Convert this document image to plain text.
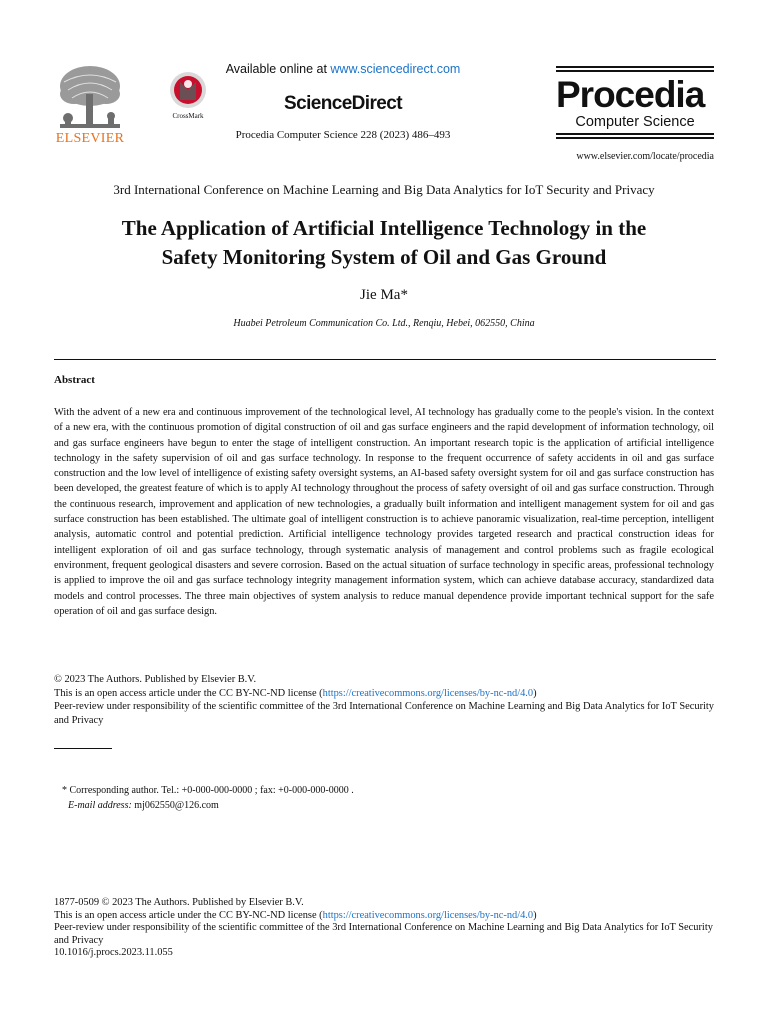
ELSEVIER
CrossMark
Available online at www.sciencedirect.com
ScienceDirect
Procedia Computer Science 228 (2023) 486–493
Procedia
Computer Science
www.elsevier.com/locate/procedia
3rd International Conference on Machine Learning and Big Data Analytics for IoT Security and Privacy
The Application of Artificial Intelligence Technology in the
Safety Monitoring System of Oil and Gas Ground
Jie Ma*
Huabei Petroleum Communication Co. Ltd., Renqiu, Hebei, 062550, China
Abstract
With the advent of a new era and continuous improvement of the technological level, AI technology has gradually come to the people's vision. In the context of a new era, with the continuous promotion of digital construction of oil and gas surface engineers and the rapid development of information technology, oil and gas surface engineers have begun to enter the stage of intelligent construction. An important research topic is the application of artificial intelligence technology in the safety supervision of oil and gas surface technology. In response to the frequent occurrence of safety accidents in oil and gas surface construction and the low level of intelligence of existing safety oversight systems, an AI-based safety oversight system for oil and gas surface construction has been developed, the greatest feature of which is to apply AI technology throughout the process of safety oversight of oil and gas surface construction. Through the continuous research, improvement and application of new technologies, a gradually built information and intelligent management system for oil and gas surface construction has been established. The ultimate goal of intelligent construction is to achieve panoramic visualization, real-time perception, intelligent analysis, automatic control and potential prediction. Artificial intelligence technology provides targeted research and practical construction ideas for intelligent exploration of oil and gas surface technology, through systematic analysis of management and control problems such as fragile ecological environment, frequent geological disasters and severe corrosion. Based on the actual situation of surface technology in specific areas, professional technology is applied to improve the oil and gas surface technology integrity management information system, which can achieve database accuracy, standardized data models and control processes. The three main objectives of system analysis to reduce manual dependence provide important technical support for the safe operation of oil and gas surface design.
© 2023 The Authors. Published by Elsevier B.V.
This is an open access article under the CC BY-NC-ND license (https://creativecommons.org/licenses/by-nc-nd/4.0)
Peer-review under responsibility of the scientific committee of the 3rd International Conference on Machine Learning and Big Data Analytics for IoT Security and Privacy
* Corresponding author. Tel.: +0-000-000-0000 ; fax: +0-000-000-0000 .
E-mail address: mj062550@126.com
1877-0509 © 2023 The Authors. Published by Elsevier B.V.
This is an open access article under the CC BY-NC-ND license (https://creativecommons.org/licenses/by-nc-nd/4.0)
Peer-review under responsibility of the scientific committee of the 3rd International Conference on Machine Learning and Big Data Analytics for IoT Security and Privacy
10.1016/j.procs.2023.11.055
